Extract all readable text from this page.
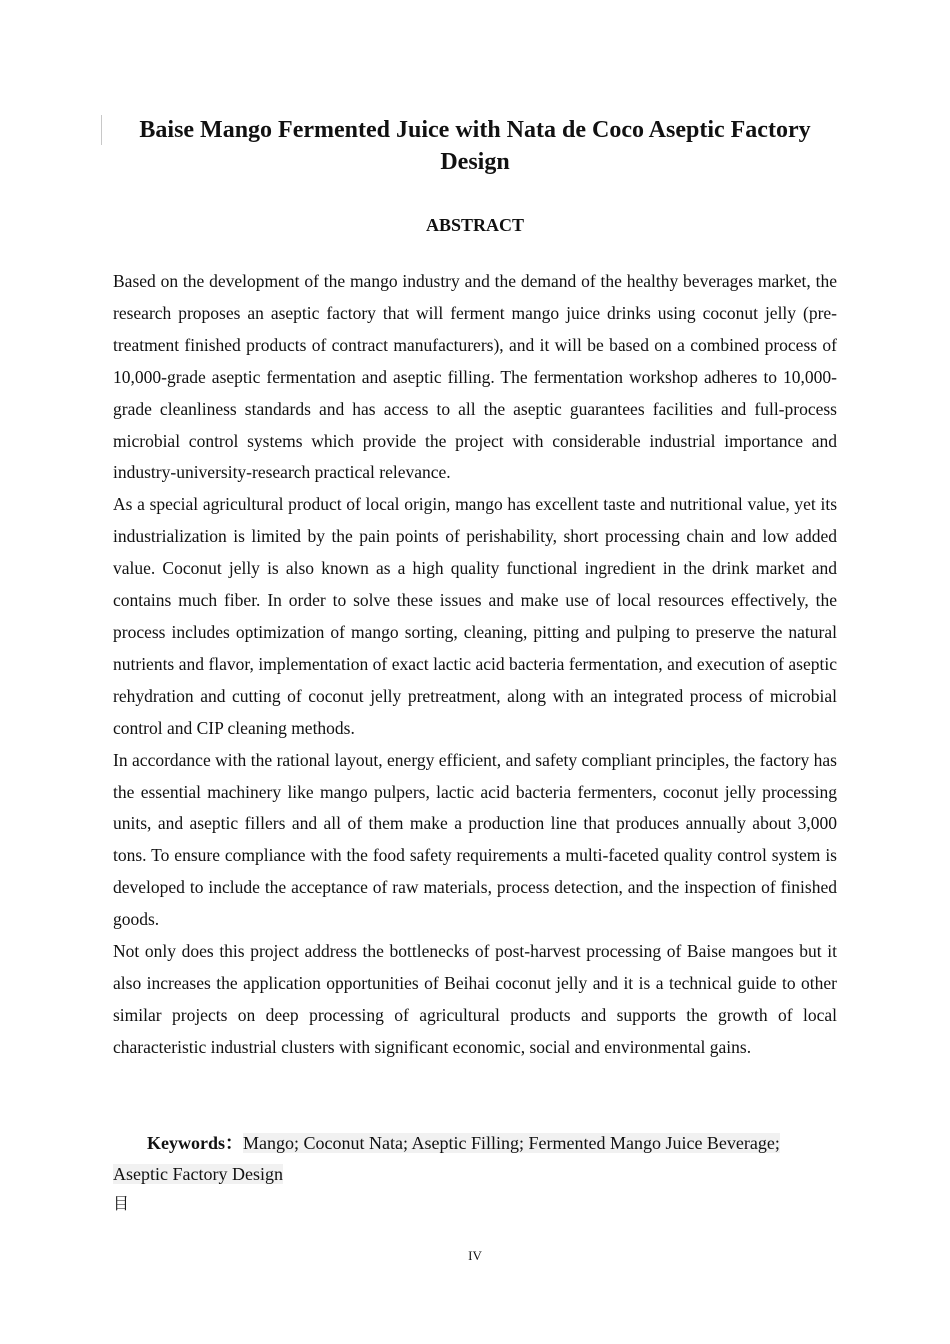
Baise Mango Fermented Juice with Nata de Coco Aseptic Factory Design
ABSTRACT

Based on the development of the mango industry and the demand of the healthy beverages market, the research proposes an aseptic factory that will ferment mango juice drinks using coconut jelly (pre-treatment finished products of contract manufacturers), and it will be based on a combined process of 10,000-grade aseptic fermentation and aseptic filling. The fermentation workshop adheres to 10,000-grade cleanliness standards and has access to all the aseptic guarantees facilities and full-process microbial control systems which provide the project with considerable industrial importance and industry-university-research practical relevance.

As a special agricultural product of local origin, mango has excellent taste and nutritional value, yet its industrialization is limited by the pain points of perishability, short processing chain and low added value. Coconut jelly is also known as a high quality functional ingredient in the drink market and contains much fiber. In order to solve these issues and make use of local resources effectively, the process includes optimization of mango sorting, cleaning, pitting and pulping to preserve the natural nutrients and flavor, implementation of exact lactic acid bacteria fermentation, and execution of aseptic rehydration and cutting of coconut jelly pretreatment, along with an integrated process of microbial control and CIP cleaning methods.

In accordance with the rational layout, energy efficient, and safety compliant principles, the factory has the essential machinery like mango pulpers, lactic acid bacteria fermenters, coconut jelly processing units, and aseptic fillers and all of them make a production line that produces annually about 3,000 tons. To ensure compliance with the food safety requirements a multi-faceted quality control system is developed to include the acceptance of raw materials, process detection, and the inspection of finished goods.

Not only does this project address the bottlenecks of post-harvest processing of Baise mangoes but it also increases the application opportunities of Beihai coconut jelly and it is a technical guide to other similar projects on deep processing of agricultural products and supports the growth of local characteristic industrial clusters with significant economic, social and environmental gains.

Keywords：Mango; Coconut Nata; Aseptic Filling; Fermented Mango Juice Beverage; Aseptic Factory Design

目

IV
